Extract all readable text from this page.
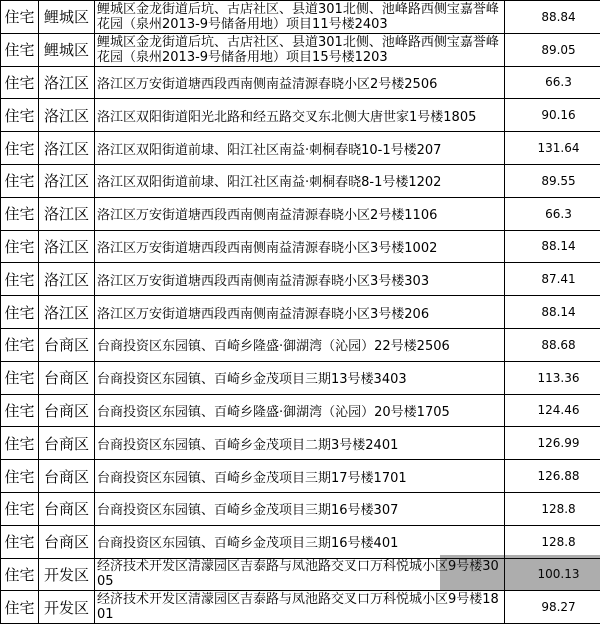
住宅	鲤城区	鲤城区金龙街道后坑、古店社区、县道301北侧、池峰路西侧宝嘉誉峰花园（泉州2013-9号储备用地）项目11号楼2403	88.84
住宅	鲤城区	鲤城区金龙街道后坑、古店社区、县道301北侧、池峰路西侧宝嘉誉峰花园（泉州2013-9号储备用地）项目15号楼1203	89.05
住宅	洛江区	洛江区万安街道塘西段西南侧南益清源春晓小区2号楼2506	66.3
住宅	洛江区	洛江区双阳街道阳光北路和经五路交叉东北侧大唐世家1号楼1805	90.16
住宅	洛江区	洛江区双阳街道前埭、阳江社区南益·刺桐春晓10-1号楼207	131.64
住宅	洛江区	洛江区双阳街道前埭、阳江社区南益·刺桐春晓8-1号楼1202	89.55
住宅	洛江区	洛江区万安街道塘西段西南侧南益清源春晓小区2号楼1106	66.3
住宅	洛江区	洛江区万安街道塘西段西南侧南益清源春晓小区3号楼1002	88.14
住宅	洛江区	洛江区万安街道塘西段西南侧南益清源春晓小区3号楼303	87.41
住宅	洛江区	洛江区万安街道塘西段西南侧南益清源春晓小区3号楼206	88.14
住宅	台商区	台商投资区东园镇、百崎乡隆盛·御湖湾（沁园）22号楼2506	88.68
住宅	台商区	台商投资区东园镇、百崎乡金茂项目三期13号楼3403	113.36
住宅	台商区	台商投资区东园镇、百崎乡隆盛·御湖湾（沁园）20号楼1705	124.46
住宅	台商区	台商投资区东园镇、百崎乡金茂项目二期3号楼2401	126.99
住宅	台商区	台商投资区东园镇、百崎乡金茂项目三期17号楼1701	126.88
住宅	台商区	台商投资区东园镇、百崎乡金茂项目三期16号楼307	128.8
住宅	台商区	台商投资区东园镇、百崎乡金茂项目三期16号楼401	128.8
住宅	开发区	经济技术开发区清濛园区吉泰路与凤池路交叉口万科悦城小区9号楼3005	100.13
住宅	开发区	经济技术开发区清濛园区吉泰路与凤池路交叉口万科悦城小区9号楼1801	98.27
